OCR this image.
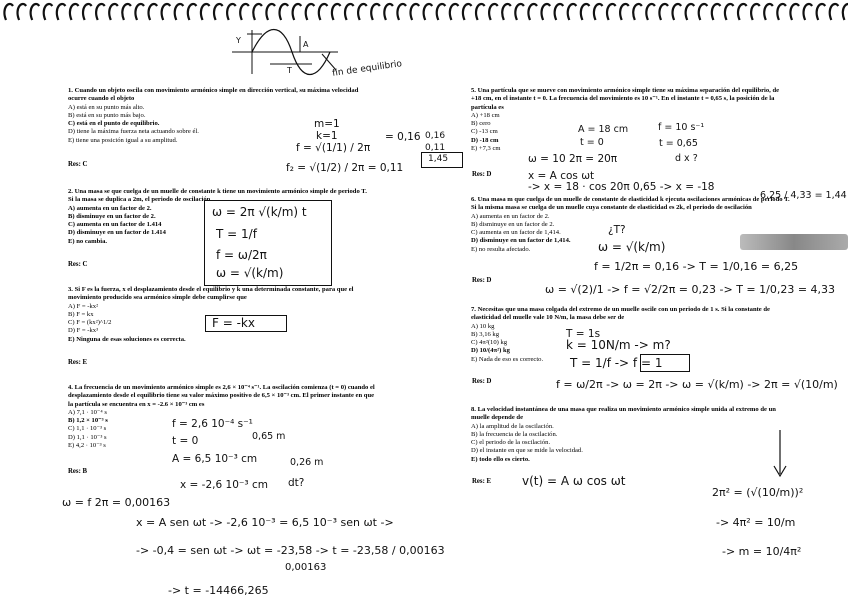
Y	A
T	fin de equilibrio
1. Cuando un objeto oscila con movimiento armónico simple en dirección vertical, su máxima velocidad ocurre cuando el objeto
A) está en su punto más alto.
B) está en su punto más bajo.
C) está en el punto de equilibrio.
D) tiene la máxima fuerza neta actuando sobre él.
E) tiene una posición igual a su amplitud.
Res: C
m=1
k=1
f = √(1/1) / 2π
= 0,16
f₂ = √(1/2) / 2π = 0,11
0,16
0,11
1,45
2. Una masa se que cuelga de un muelle de constante k tiene un movimiento armónico simple de periodo T. Si la masa se duplica a 2m, el periodo de oscilación
A) aumenta en un factor de 2.
B) disminuye en un factor de 2.
C) aumenta en un factor de 1.414
D) disminuye en un factor de 1.414
E) no cambia.
Res: C
ω = 2π √(k/m) t
T = 1/f
f = ω/2π
ω = √(k/m)
3. Si F es la fuerza, x el desplazamiento desde el equilibrio y k una determinada constante, para que el movimiento producido sea armónico simple debe cumplirse que
A) F = -kx²
B) F = kx
C) F = (kx²)^1/2
D) F = -kx³
E) Ninguna de esas soluciones es correcta.
Res: E
F = -kx
4. La frecuencia de un movimiento armónico simple es 2,6 × 10⁻⁴ s⁻¹. La oscilación comienza (t = 0) cuando el desplazamiento desde el equilibrio tiene su valor máximo positivo de 6,5 × 10⁻³ cm. El primer instante en que la partícula se encuentra en x = -2.6 × 10⁻³ cm es
A) 7,1 · 10⁻⁴ s
B) 1,2 × 10⁻³ s
C) 1,1 · 10⁻³ s
D) 1,1 · 10⁻³ s
E) 4,2 · 10⁻³ s
Res: B
f = 2,6 10⁻⁴ s⁻¹
t = 0	0,65 m
A = 6,5 10⁻³ cm	0,26 m
x = -2,6 10⁻³ cm dt?
ω = f 2π = 0,00163
x = A sen ωt -> -2,6 10⁻³ = 6,5 10⁻³ sen ωt ->
-> -0,4 = sen ωt -> ωt = -23,58 -> t = -23,58 / 0,00163
0,00163
-> t = -14466,265
5. Una partícula que se mueve con movimiento armónico simple tiene su máxima separación del equilibrio, de +18 cm, en el instante t = 0. La frecuencia del movimiento es 10 s⁻¹. En el instante t = 0,65 s, la posición de la partícula es
A) +18 cm
B) cero
C) -13 cm
D) -18 cm
E) +7,3 cm
Res: D
A = 18 cm	f = 10 s⁻¹
t = 0	t = 0,65
d x ?
ω = 10 2π = 20π
x = A cos ωt
-> x = 18 · cos 20π 0,65 -> x = -18
6,25 / 4,33 = 1,44
6. Una masa m que cuelga de un muelle de constante de elasticidad k ejecuta oscilaciones armónicas de periodo T. Si la misma masa se cuelga de un muelle cuya constante de elasticidad es 2k, el periodo de oscilación
A) aumenta en un factor de 2.
B) disminuye en un factor de 2.
C) aumenta en un factor de 1,414.
D) disminuye en un factor de 1,414.
E) no resulta afectado.
Res: D
¿T?
ω = √(k/m)
f = 1/2π = 0,16 -> T = 1/0,16 = 6,25
ω = √(2)/1 -> f = √2/2π = 0,23 -> T = 1/0,23 = 4,33
7. Necesitas que una masa colgada del extremo de un muelle oscile con un periodo de 1 s. Si la constante de elasticidad del muelle vale 10 N/m, la masa debe ser de
A) 10 kg
B) 3,16 kg
C) 4π²(10) kg
D) 10/(4π²) kg
E) Nada de eso es correcto.
Res: D
T = 1s
k = 10N/m -> m?
T = 1/f -> f = 1
f = ω/2π -> ω = 2π -> ω = √(k/m) -> 2π = √(10/m)
8. La velocidad instantánea de una masa que realiza un movimiento armónico simple unida al extremo de un muelle depende de
A) la amplitud de la oscilación.
B) la frecuencia de la oscilación.
C) el periodo de la oscilación.
D) el instante en que se mide la velocidad.
E) todo ello es cierto.
Res: E	v(t) = A ω cos ωt
2π² = (√(10/m))²
-> 4π² = 10/m
-> m = 10/4π²
